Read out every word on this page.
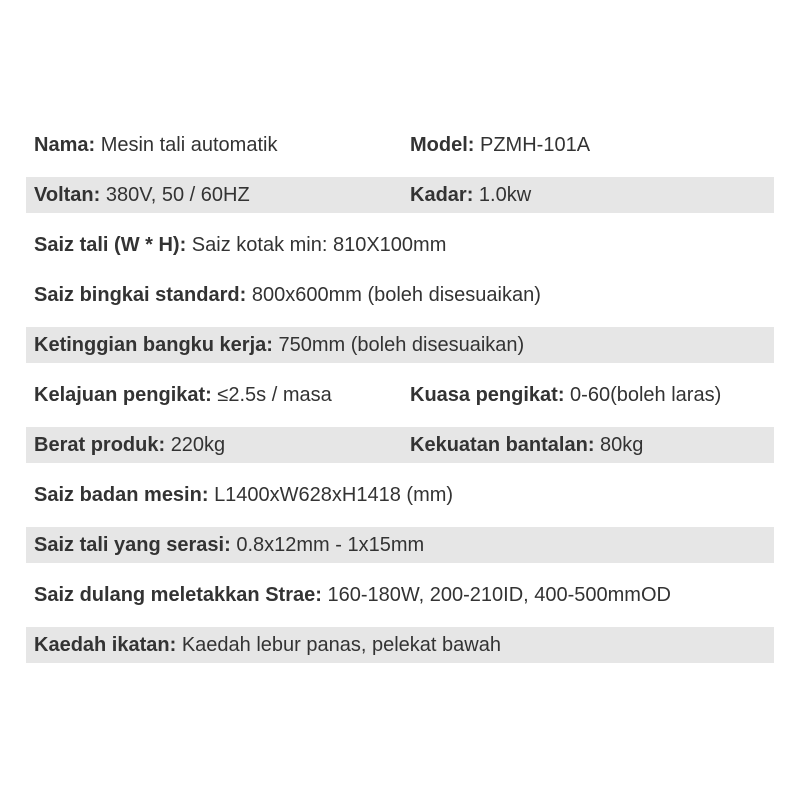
Nama: Mesin tali automatik	Model: PZMH-101A
Voltan: 380V, 50 / 60HZ	Kadar: 1.0kw
Saiz tali (W * H): Saiz kotak min: 810X100mm
Saiz bingkai standard: 800x600mm (boleh disesuaikan)
Ketinggian bangku kerja: 750mm (boleh disesuaikan)
Kelajuan pengikat: ≤2.5s / masa	Kuasa pengikat: 0-60(boleh laras)
Berat produk: 220kg	Kekuatan bantalan: 80kg
Saiz badan mesin: L1400xW628xH1418 (mm)
Saiz tali yang serasi: 0.8x12mm - 1x15mm
Saiz dulang meletakkan Strae: 160-180W, 200-210ID, 400-500mmOD
Kaedah ikatan: Kaedah lebur panas, pelekat bawah
